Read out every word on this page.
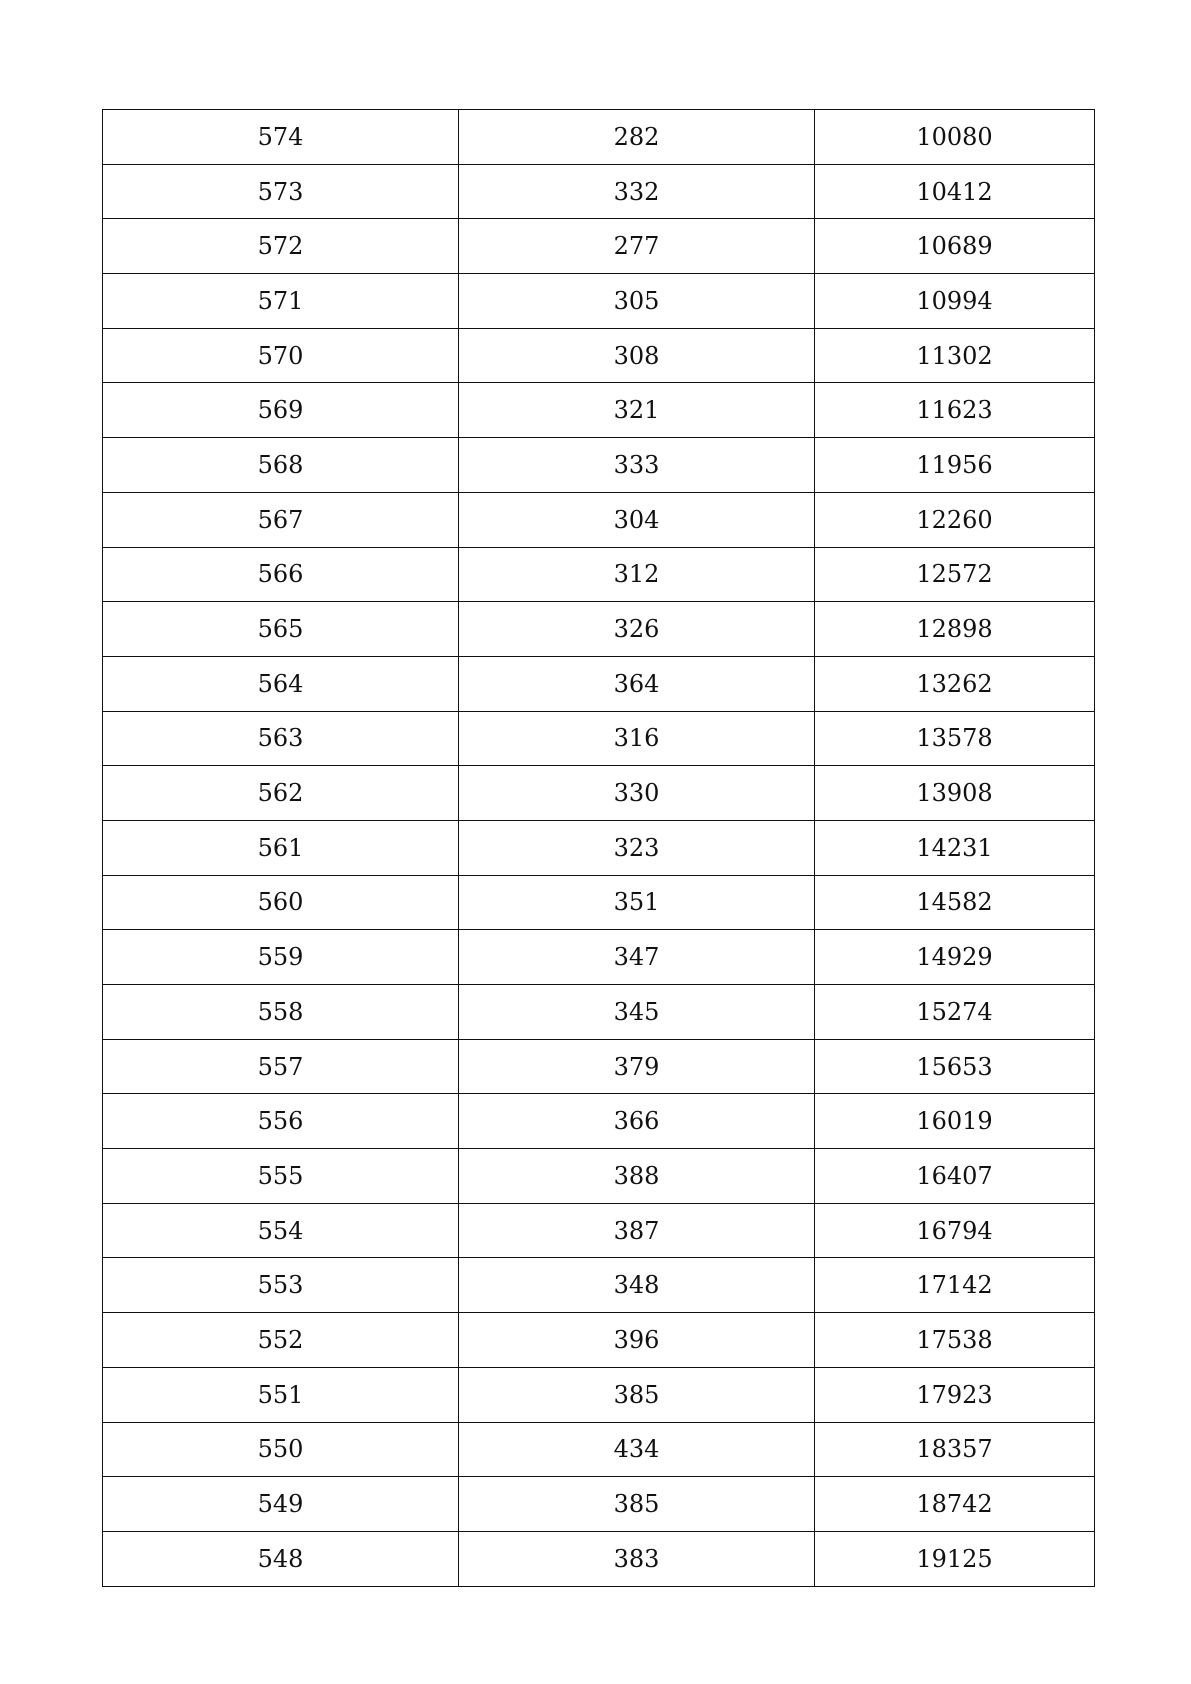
574	282	10080
573	332	10412
572	277	10689
571	305	10994
570	308	11302
569	321	11623
568	333	11956
567	304	12260
566	312	12572
565	326	12898
564	364	13262
563	316	13578
562	330	13908
561	323	14231
560	351	14582
559	347	14929
558	345	15274
557	379	15653
556	366	16019
555	388	16407
554	387	16794
553	348	17142
552	396	17538
551	385	17923
550	434	18357
549	385	18742
548	383	19125
